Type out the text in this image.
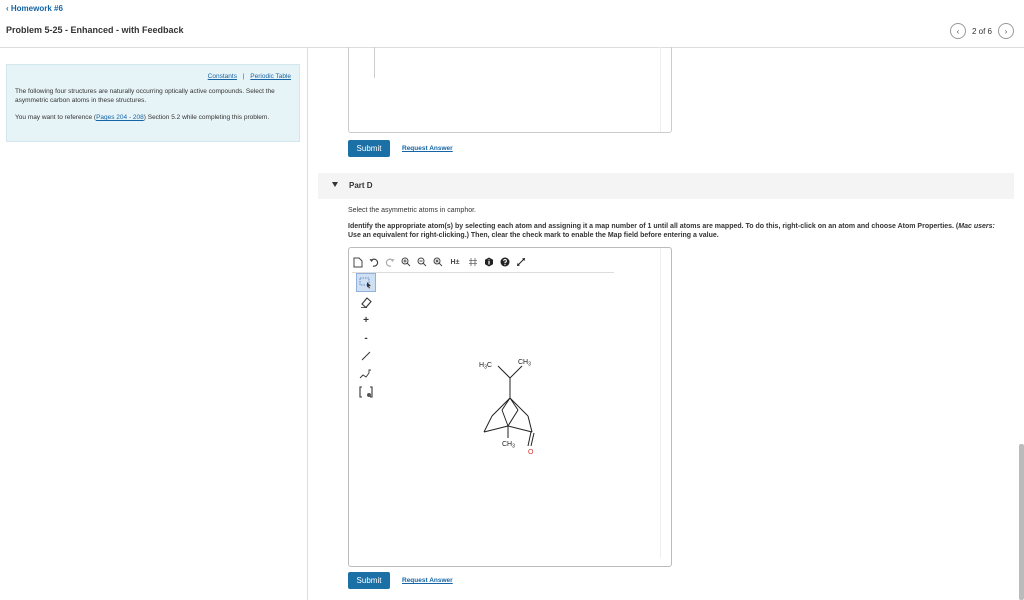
‹ Homework #6
Problem 5-25 - Enhanced - with Feedback	‹ 2 of 6 ›
Constants | Periodic Table
The following four structures are naturally occurring optically active compounds. Select the asymmetric carbon atoms in these structures.
You may want to reference (Pages 204 - 208) Section 5.2 while completing this problem.
Submit	Request Answer
Part D
Select the asymmetric atoms in camphor.
Identify the appropriate atom(s) by selecting each atom and assigning it a map number of 1 until all atoms are mapped. To do this, right-click on an atom and choose Atom Properties. (Mac users: Use an equivalent for right-clicking.) Then, clear the check mark to enable the Map field before entering a value.
H±
+
-
$H_3C$	$CH_3$
$CH_3$
O
Submit	Request Answer
